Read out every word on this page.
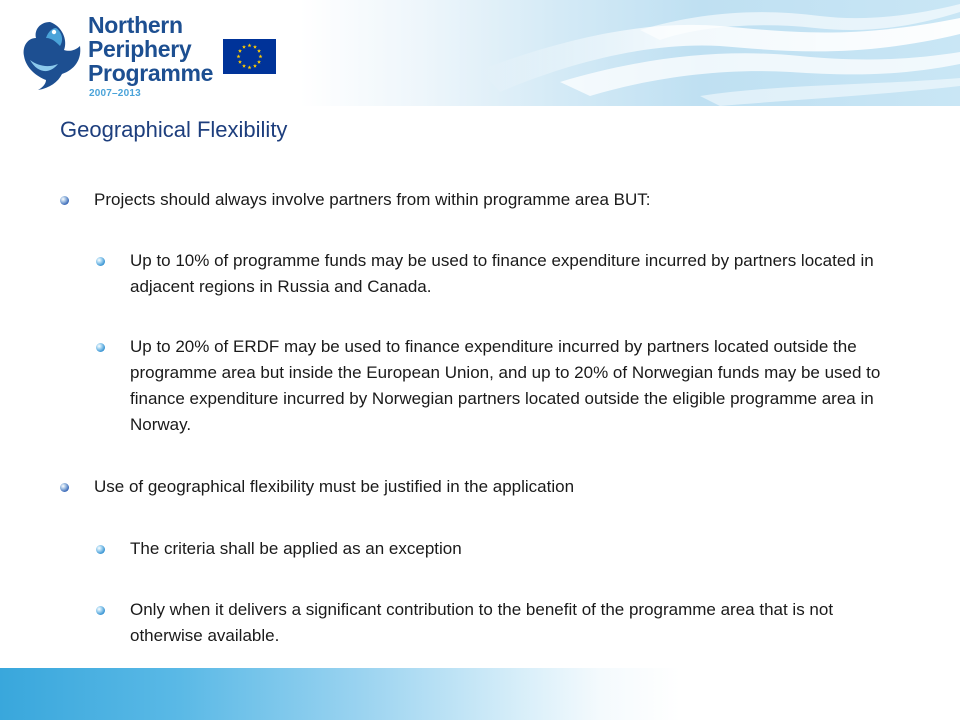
Northern
Periphery
Programme
2007–2013
Geographical Flexibility
Projects should always involve partners from within programme area BUT:
Up to 10% of programme funds may be used to finance expenditure incurred by partners located in adjacent regions in Russia and Canada.
Up to 20% of ERDF may be used to finance expenditure incurred by partners located outside the programme area but inside the European Union, and up to 20% of Norwegian funds may be used to finance expenditure incurred by Norwegian partners located outside the eligible programme area in Norway.
Use of geographical flexibility must be justified in the application
The criteria shall be applied as an exception
Only when it delivers a significant contribution to the benefit of the programme area that is not otherwise available.
